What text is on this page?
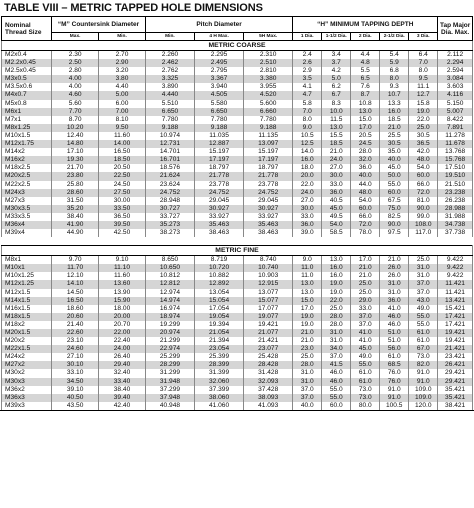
TABLE VIII – METRIC TAPPED HOLE DIMENSIONS
Nominal Thread Size	“M” Countersink Diameter		Pitch Diameter			“H” MINIMUM TAPPING DEPTH					Tap Major Dia. Max.
	Max.	Min.	Min.	4 H Max.	5H Max.	1 Dia.	1-1/2 Dia.	2 Dia.	2-1/2 Dia.	3 Dia.	
METRIC COARSE											
M2x0.4	2.30	2.70	2.260	2.295	2.310	2.4	3.4	4.4	5.4	6.4	2.112
M2.2x0.45	2.50	2.90	2.462	2.495	2.510	2.6	3.7	4.8	5.9	7.0	2.294
M2.5x0.45	2.80	3.20	2.762	2.795	2.810	2.9	4.2	5.5	6.8	8.0	2.594
M3x0.5	4.00	3.80	3.325	3.367	3.380	3.5	5.0	6.5	8.0	9.5	3.084
M3.5x0.6	4.00	4.40	3.890	3.940	3.955	4.1	6.2	7.6	9.3	11.1	3.603
M4x0.7	4.60	5.00	4.440	4.505	4.520	4.7	6.7	8.7	10.7	12.7	4.116
M5x0.8	5.60	6.00	5.510	5.580	5.600	5.8	8.3	10.8	13.3	15.8	5.150
M6x1	7.70	7.00	6.650	6.650	6.660	7.0	10.0	13.0	16.0	19.0	5.007
M7x1	8.70	8.10	7.780	7.780	7.780	8.0	11.5	15.0	18.5	22.0	8.422
M8x1.25	10.20	9.50	9.188	9.188	9.188	9.0	13.0	17.0	21.0	25.0	7.891
M10x1.5	12.40	11.60	10.974	11.035	11.135	10.5	15.5	20.5	25.5	30.5	11.278
M12x1.75	14.80	14.00	12.731	12.887	13.097	12.5	18.5	24.5	30.5	36.5	11.678
M14x2	17.10	16.50	14.701	15.197	15.197	14.0	21.0	28.0	35.0	42.0	13.768
M16x2	19.30	18.50	16.701	17.197	17.197	16.0	24.0	32.0	40.0	48.0	15.768
M18x2.5	21.70	20.50	18.576	18.797	18.797	18.0	27.0	36.0	45.0	54.0	17.510
M20x2.5	23.80	22.50	21.624	21.778	21.778	20.0	30.0	40.0	50.0	60.0	19.510
M22x2.5	25.80	24.50	23.624	23.778	23.778	22.0	33.0	44.0	55.0	66.0	21.510
M24x3	28.60	27.50	24.752	24.752	24.752	24.0	36.0	48.0	60.0	72.0	23.238
M27x3	31.50	30.00	28.948	29.045	29.045	27.0	40.5	54.0	67.5	81.0	26.238
M30x3.5	35.20	33.50	30.727	30.927	30.927	30.0	45.0	60.0	75.0	90.0	28.988
M33x3.5	38.40	36.50	33.727	33.927	33.927	33.0	49.5	66.0	82.5	99.0	31.988
M36x4	41.90	39.50	35.273	35.463	35.463	36.0	54.0	72.0	90.0	108.0	34.738
M39x4	44.90	42.50	38.273	38.463	38.463	39.0	58.5	78.0	97.5	117.0	37.738

METRIC FINE											
M8x1	9.70	9.10	8.650	8.719	8.740	9.0	13.0	17.0	21.0	25.0	9.422
M10x1	11.70	11.10	10.650	10.720	10.740	11.0	16.0	21.0	26.0	31.0	9.422
M10x1.25	12.10	11.60	10.812	10.882	10.903	11.0	16.0	21.0	26.0	31.0	9.422
M12x1.25	14.10	13.60	12.812	12.892	12.915	13.0	19.0	25.0	31.0	37.0	11.421
M12x1.5	14.50	13.90	12.974	13.054	13.077	13.0	19.0	25.0	31.0	37.0	11.421
M14x1.5	16.50	15.90	14.974	15.054	15.077	15.0	22.0	29.0	36.0	43.0	13.421
M16x1.5	18.60	18.00	16.974	17.054	17.077	17.0	25.0	33.0	41.0	49.0	15.421
M18x1.5	20.60	20.00	18.974	19.054	19.077	19.0	28.0	37.0	46.0	55.0	17.421
M18x2	21.40	20.70	19.299	19.394	19.421	19.0	28.0	37.0	46.0	55.0	17.421
M20x1.5	22.60	22.00	20.974	21.054	21.077	21.0	31.0	41.0	51.0	61.0	19.421
M20x2	23.10	22.40	21.299	21.394	21.421	21.0	31.0	41.0	51.0	61.0	19.421
M22x1.5	24.60	24.00	22.974	23.054	23.077	23.0	34.0	45.0	56.0	67.0	21.421
M24x2	27.10	26.40	25.299	25.399	25.428	25.0	37.0	49.0	61.0	73.0	23.421
M27x2	30.10	29.40	28.299	28.399	28.428	28.0	41.5	55.0	68.5	82.0	26.421
M30x2	33.10	32.40	31.299	31.399	31.428	31.0	46.0	61.0	76.0	91.0	29.421
M30x3	34.50	33.40	31.948	32.060	32.093	31.0	46.0	61.0	76.0	91.0	29.421
M36x2	39.10	38.40	37.299	37.399	37.428	37.0	55.0	73.0	91.0	109.0	35.421
M36x3	40.50	39.40	37.948	38.060	38.093	37.0	55.0	73.0	91.0	109.0	35.421
M39x3	43.50	42.40	40.948	41.060	41.093	40.0	60.0	80.0	100.5	120.0	38.421
